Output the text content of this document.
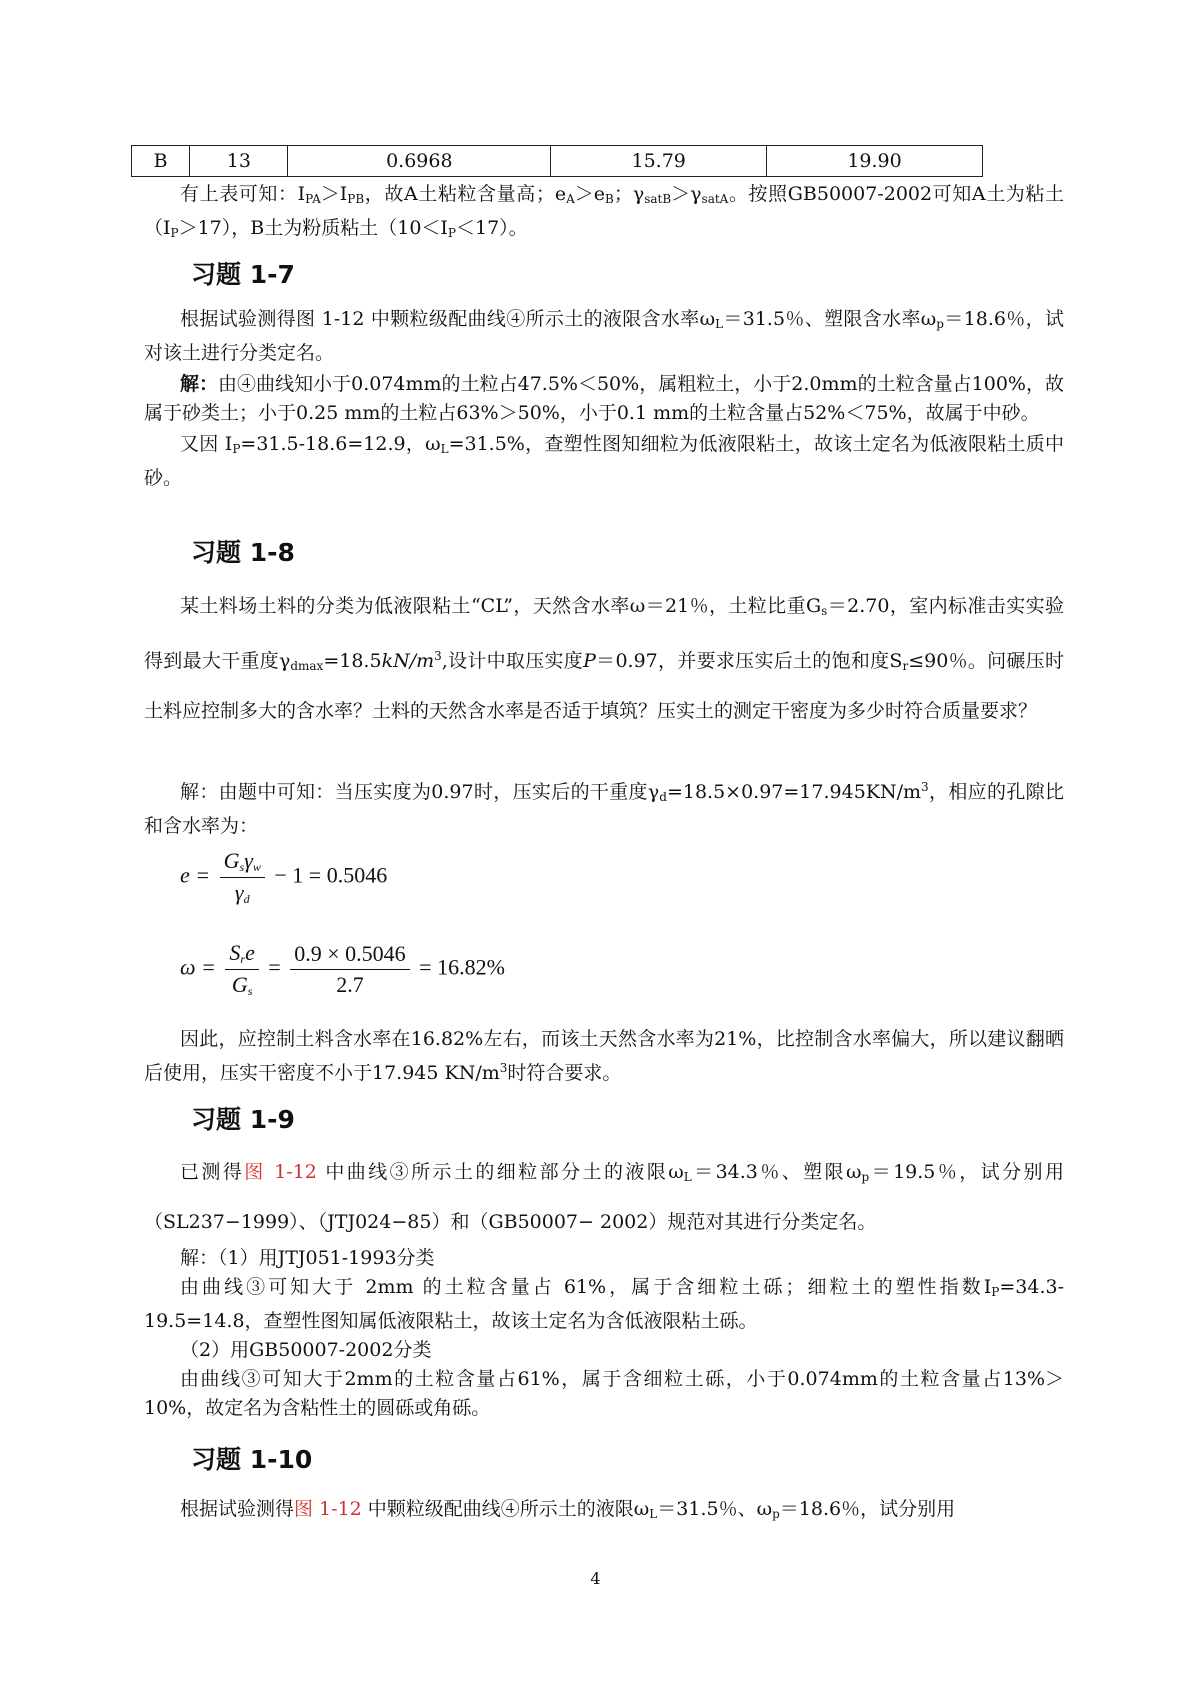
B	13	0.6968	15.79	19.90

有上表可知：$I_{PA}>I_{PB}$，故A土粘粒含量高；$e_A>e_B$；$\gamma_{satB}>\gamma_{satA}$。按照GB50007-2002可知A土为粘土$(I_P>17)$，B土为粉质粘土$(10<I_P<17)$。

习题 1-7

根据试验测得图 1-12 中颗粒级配曲线④所示土的液限含水率$\omega_L=31.5$％、塑限含水率$\omega_p=18.6$％，试对该土进行分类定名。

解：由④曲线知小于0.074mm的土粒占47.5%＜50%，属粗粒土，小于2.0mm的土粒含量占100%，故属于砂类土；小于0.25 mm的土粒占63%＞50%，小于0.1 mm的土粒含量占52%＜75%，故属于中砂。

又因 $I_P=31.5-18.6=12.9$，$\omega_L=31.5\%$，查塑性图知细粒为低液限粘土，故该土定名为低液限粘土质中砂。

习题 1-8

某土料场土料的分类为低液限粘土“CL”，天然含水率ω＝21％，土粒比重$G_s=2.70$，室内标准击实实验得到最大干重度$\gamma_{dmax}=18.5kN/m^3$,设计中取压实度P＝0.97，并要求压实后土的饱和度$S_r\le 90$％。问碾压时土料应控制多大的含水率？土料的天然含水率是否适于填筑？压实土的测定干密度为多少时符合质量要求？

解：由题中可知：当压实度为0.97时，压实后的干重度$\gamma_d=18.5\times 0.97=17.945KN/m^3$，相应的孔隙比和含水率为：

$e = \frac{G_s\gamma_w}{\gamma_d} - 1 = 0.5046$
$\omega = \frac{S_re}{G_s} = \frac{0.9 \times 0.5046}{2.7} = 16.82\%$

因此，应控制土料含水率在16.82%左右，而该土天然含水率为21%，比控制含水率偏大，所以建议翻晒后使用，压实干密度不小于17.945 $KN/m^3$时符合要求。

习题 1-9

已测得图 1-12 中曲线③所示土的细粒部分土的液限$\omega_L=34.3$％、塑限$\omega_p=19.5$％，试分别用（SL237−1999）、（JTJ024−85）和（GB50007− 2002）规范对其进行分类定名。

解：（1）用JTJ051-1993分类

由曲线③可知大于 2mm 的土粒含量占 61%，属于含细粒土砾；细粒土的塑性指数$I_P=34.3-19.5=14.8$，查塑性图知属低液限粘土，故该土定名为含低液限粘土砾。

（2）用GB50007-2002分类

由曲线③可知大于2mm的土粒含量占61%，属于含细粒土砾，小于0.074mm的土粒含量占13%＞10%，故定名为含粘性土的圆砾或角砾。

习题 1-10

根据试验测得图 1-12 中颗粒级配曲线④所示土的液限$\omega_L=31.5$％、$\omega_p=18.6$％，试分别用

4
